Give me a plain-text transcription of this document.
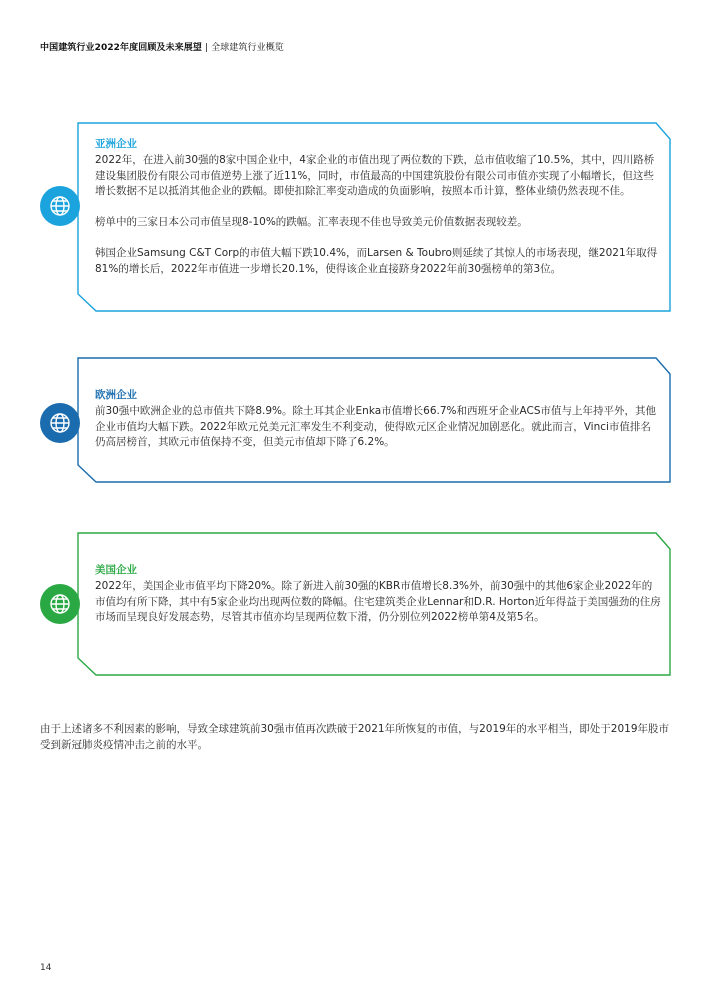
中国建筑行业2022年度回顾及未来展望 | 全球建筑行业概览
亚洲企业

2022年，在进入前30强的8家中国企业中，4家企业的市值出现了两位数的下跌，总市值收缩了10.5%，其中，四川路桥建设集团股份有限公司市值逆势上涨了近11%，同时，市值最高的中国建筑股份有限公司市值亦实现了小幅增长，但这些增长数据不足以抵消其他企业的跌幅。即使扣除汇率变动造成的负面影响，按照本币计算，整体业绩仍然表现不佳。

榜单中的三家日本公司市值呈现8-10%的跌幅。汇率表现不佳也导致美元价值数据表现较差。

韩国企业Samsung C&T Corp的市值大幅下跌10.4%，而Larsen & Toubro则延续了其惊人的市场表现，继2021年取得81%的增长后，2022年市值进一步增长20.1%，使得该企业直接跻身2022年前30强榜单的第3位。

欧洲企业

前30强中欧洲企业的总市值共下降8.9%。除土耳其企业Enka市值增长66.7%和西班牙企业ACS市值与上年持平外，其他企业市值均大幅下跌。2022年欧元兑美元汇率发生不利变动，使得欧元区企业情况加剧恶化。就此而言，Vinci市值排名仍高居榜首，其欧元市值保持不变，但美元市值却下降了6.2%。

美国企业

2022年，美国企业市值平均下降20%。除了新进入前30强的KBR市值增长8.3%外，前30强中的其他6家企业2022年的市值均有所下降，其中有5家企业均出现两位数的降幅。住宅建筑类企业Lennar和D.R. Horton近年得益于美国强劲的住房市场而呈现良好发展态势，尽管其市值亦均呈现两位数下滑，仍分别位列2022榜单第4及第5名。

由于上述诸多不利因素的影响，导致全球建筑前30强市值再次跌破于2021年所恢复的市值，与2019年的水平相当，即处于2019年股市受到新冠肺炎疫情冲击之前的水平。

14
